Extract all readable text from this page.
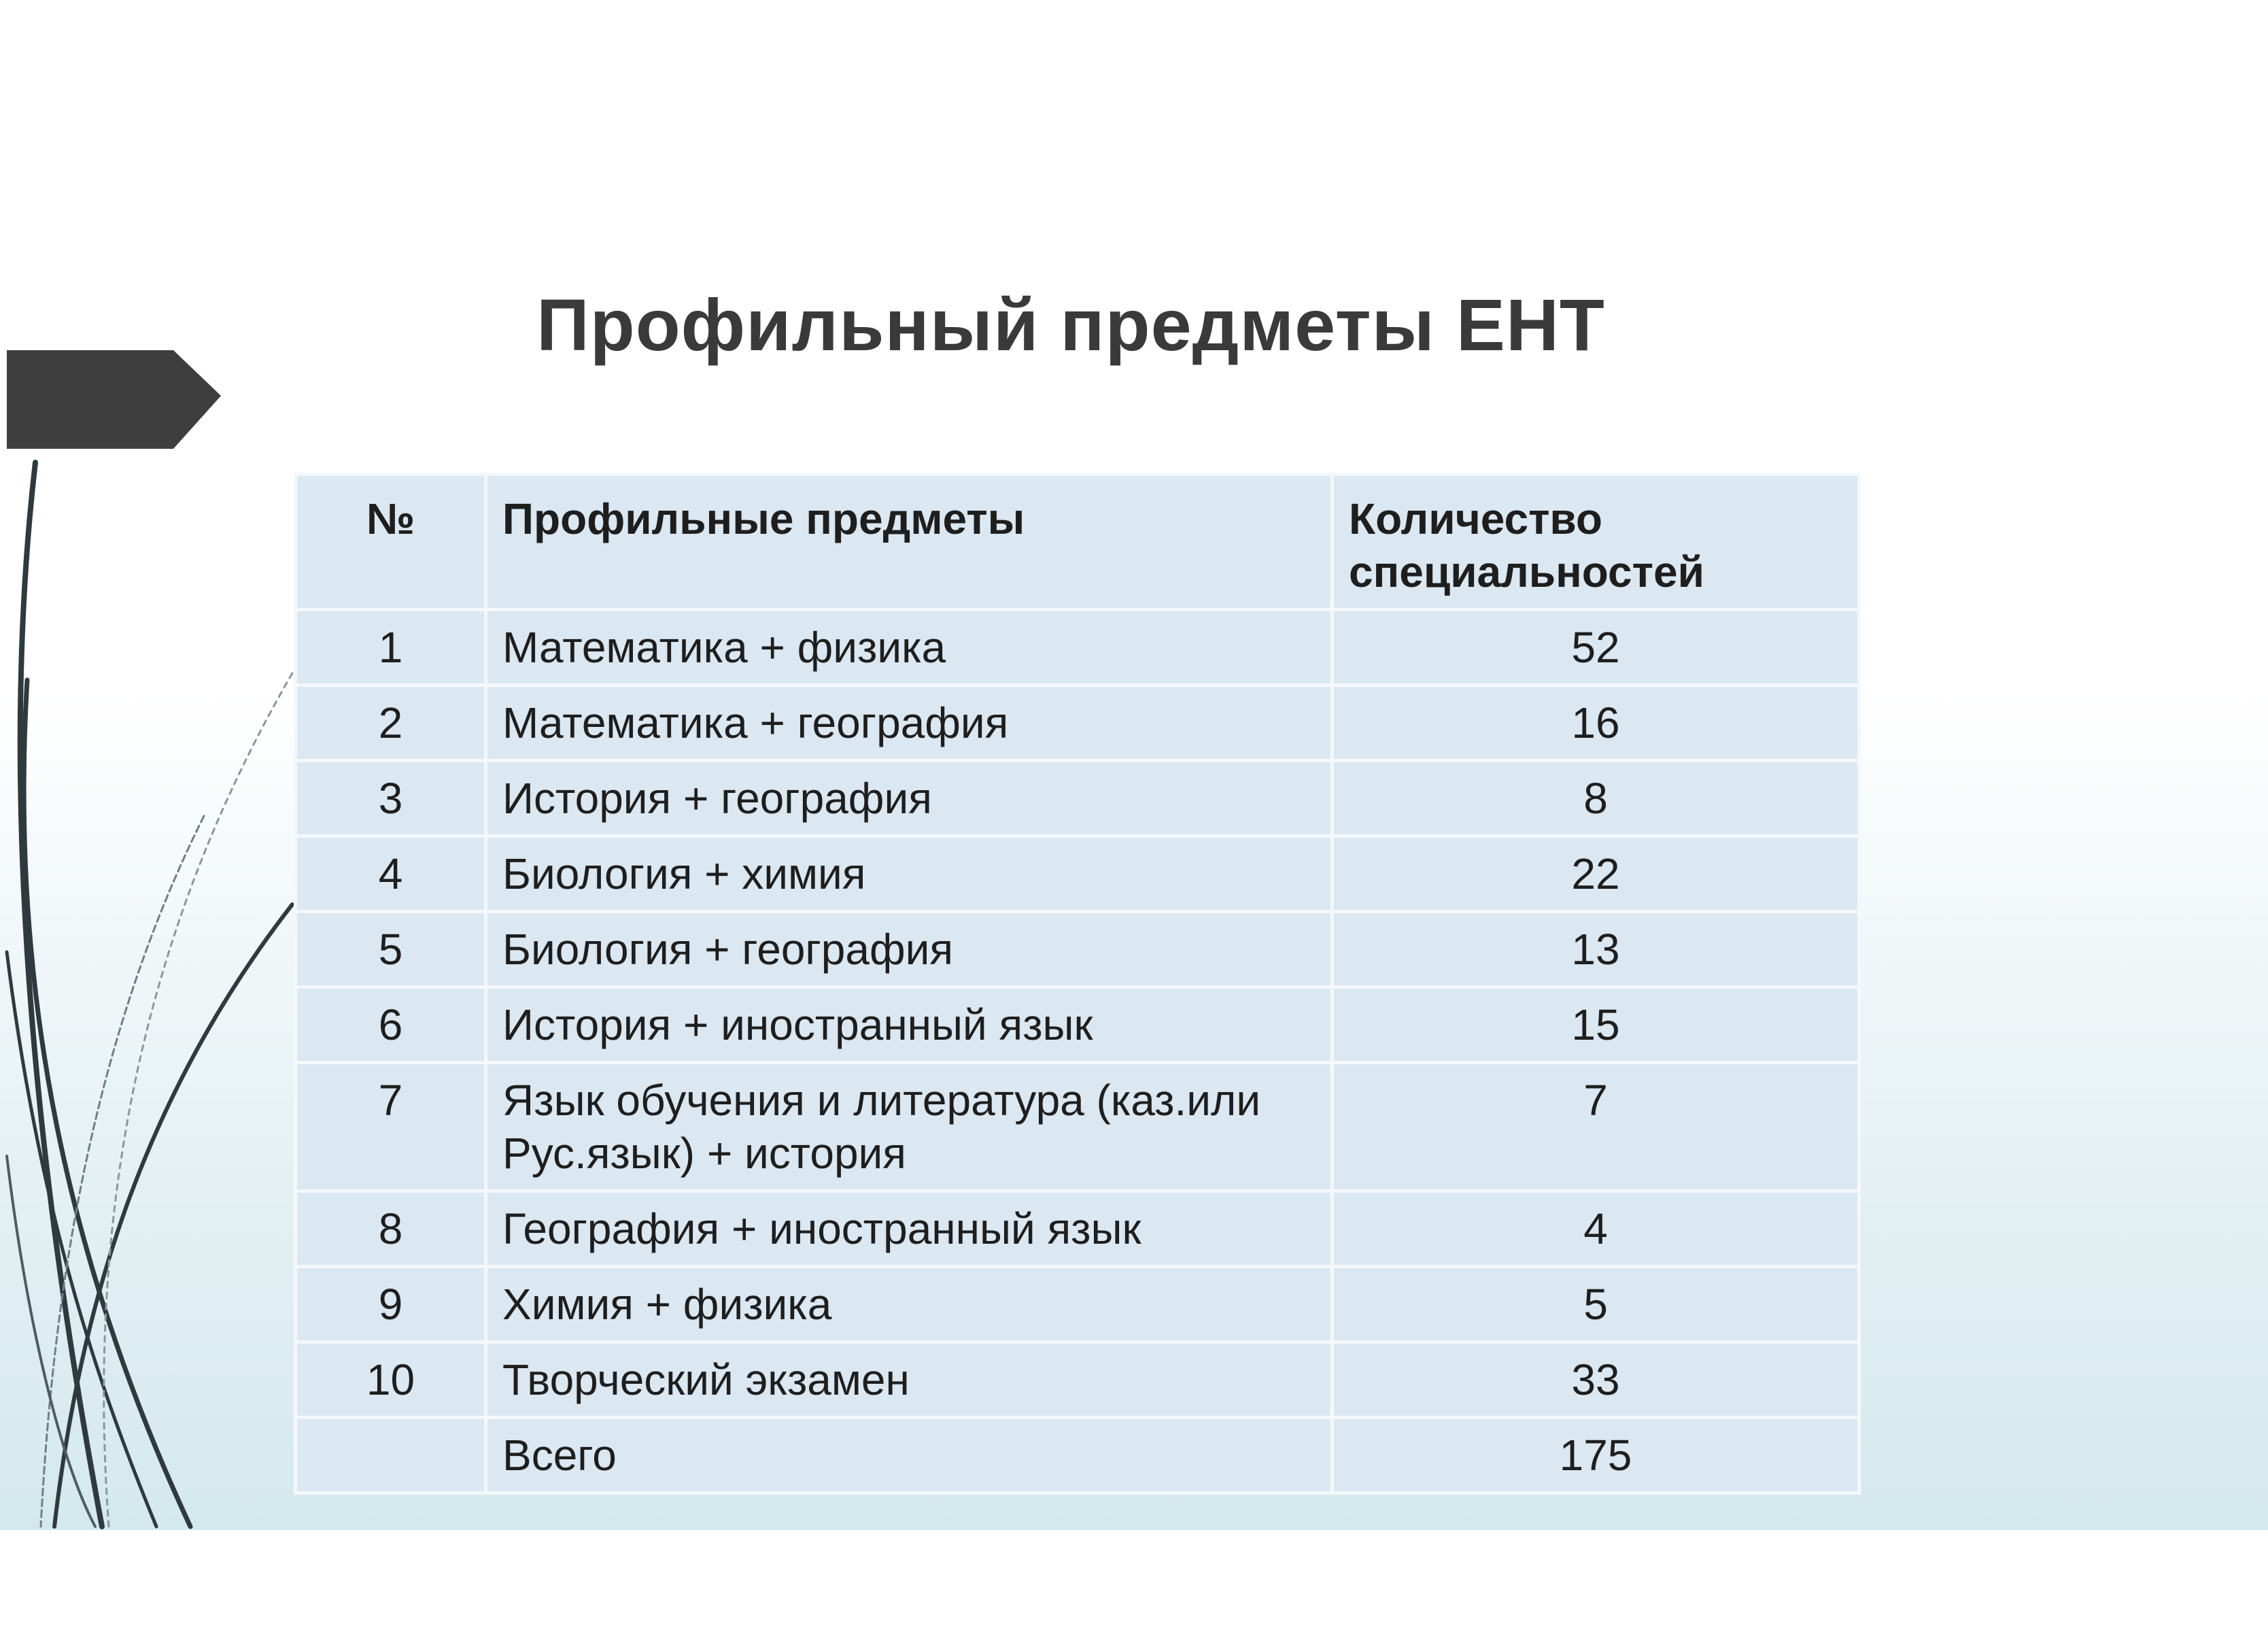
Профильный предметы ЕНТ
№	Профильные предметы	Количество
специальностей

1	Математика + физика	52
2	Математика + география	16
3	История + география	8
4	Биология + химия	22
5	Биология + география	13
6	История + иностранный язык	15
7	Язык обучения и литература (каз.или
Рус.язык) + история	7
8	География + иностранный язык	4
9	Химия + физика	5
10	Творческий экзамен	33
	Всего	175
